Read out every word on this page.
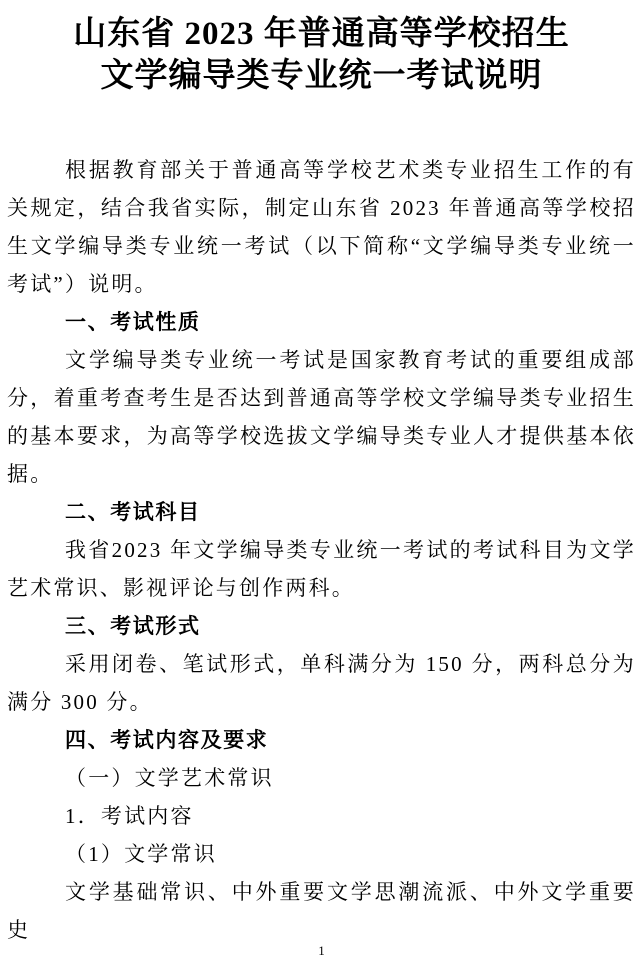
山东省 2023 年普通高等学校招生
文学编导类专业统一考试说明

根据教育部关于普通高等学校艺术类专业招生工作的有关规定，结合我省实际，制定山东省 2023 年普通高等学校招生文学编导类专业统一考试（以下简称“文学编导类专业统一考试”）说明。

一、考试性质

文学编导类专业统一考试是国家教育考试的重要组成部分，着重考查考生是否达到普通高等学校文学编导类专业招生的基本要求，为高等学校选拔文学编导类专业人才提供基本依据。

二、考试科目

我省2023 年文学编导类专业统一考试的考试科目为文学艺术常识、影视评论与创作两科。

三、考试形式

采用闭卷、笔试形式，单科满分为 150 分，两科总分为满分 300 分。

四、考试内容及要求

（一）文学艺术常识

1．考试内容

（1）文学常识

文学基础常识、中外重要文学思潮流派、中外文学重要史

1
